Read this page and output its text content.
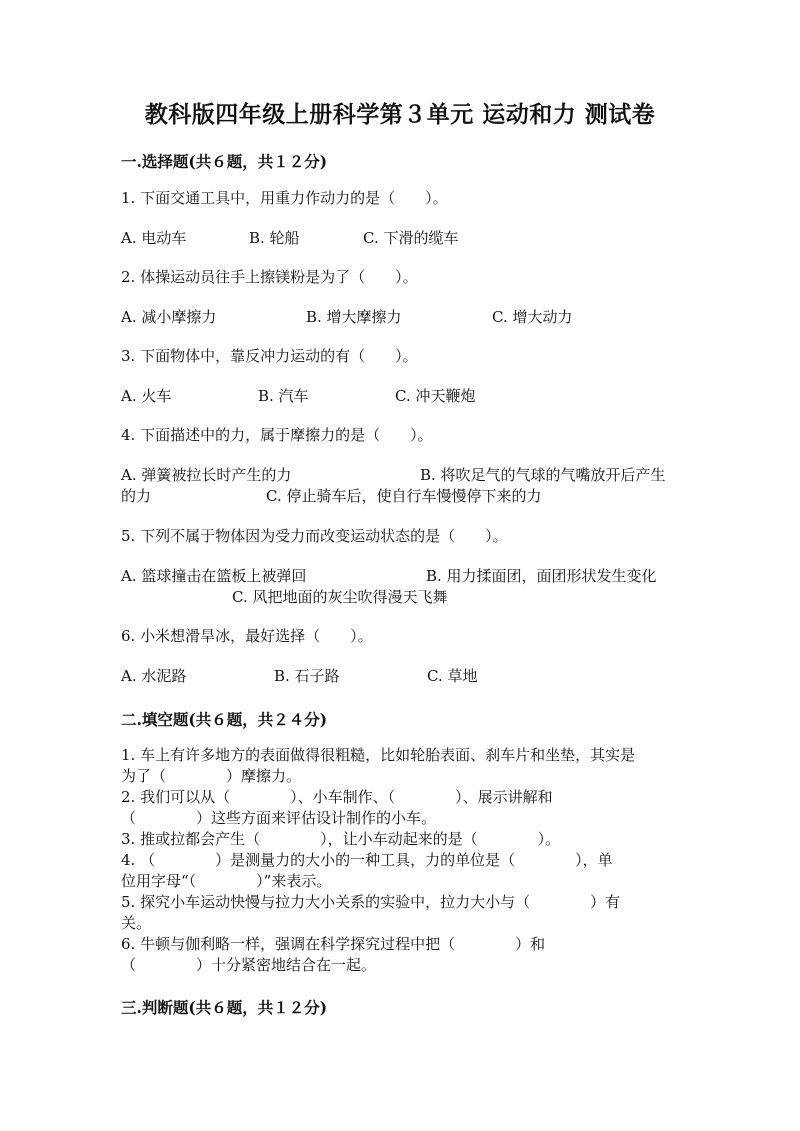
教科版四年级上册科学第３单元 运动和力 测试卷
一.选择题(共６题，共１２分)
1. 下面交通工具中，用重力作动力的是（　　）。
A. 电动车	B. 轮船	C. 下滑的缆车
2. 体操运动员往手上擦镁粉是为了（　　）。
A. 减小摩擦力	B. 增大摩擦力	C. 增大动力
3. 下面物体中，靠反冲力运动的有（　　）。
A. 火车	B. 汽车	C. 冲天鞭炮
4. 下面描述中的力，属于摩擦力的是（　　）。
A. 弹簧被拉长时产生的力	B. 将吹足气的气球的气嘴放开后产生
的力	C. 停止骑车后，使自行车慢慢停下来的力
5. 下列不属于物体因为受力而改变运动状态的是（　　）。
A. 篮球撞击在篮板上被弹回	B. 用力揉面团，面团形状发生变化
C. 风把地面的灰尘吹得漫天飞舞
6. 小米想滑旱冰，最好选择（　　）。
A. 水泥路	B. 石子路	C. 草地
二.填空题(共６题，共２４分)
1. 车上有许多地方的表面做得很粗糙，比如轮胎表面、刹车片和坐垫，其实是
为了（　　　　）摩擦力。
2. 我们可以从（　　　　）、小车制作、（　　　　）、展示讲解和
（　　　　）这些方面来评估设计制作的小车。
3. 推或拉都会产生（　　　　），让小车动起来的是（　　　　）。
4. （　　　　）是测量力的大小的一种工具，力的单位是（　　　　），单
位用字母“（　　　　）”来表示。
5. 探究小车运动快慢与拉力大小关系的实验中，拉力大小与（　　　　）有
关。
6. 牛顿与伽利略一样，强调在科学探究过程中把（　　　　）和
（　　　　）十分紧密地结合在一起。
三.判断题(共６题，共１２分)
